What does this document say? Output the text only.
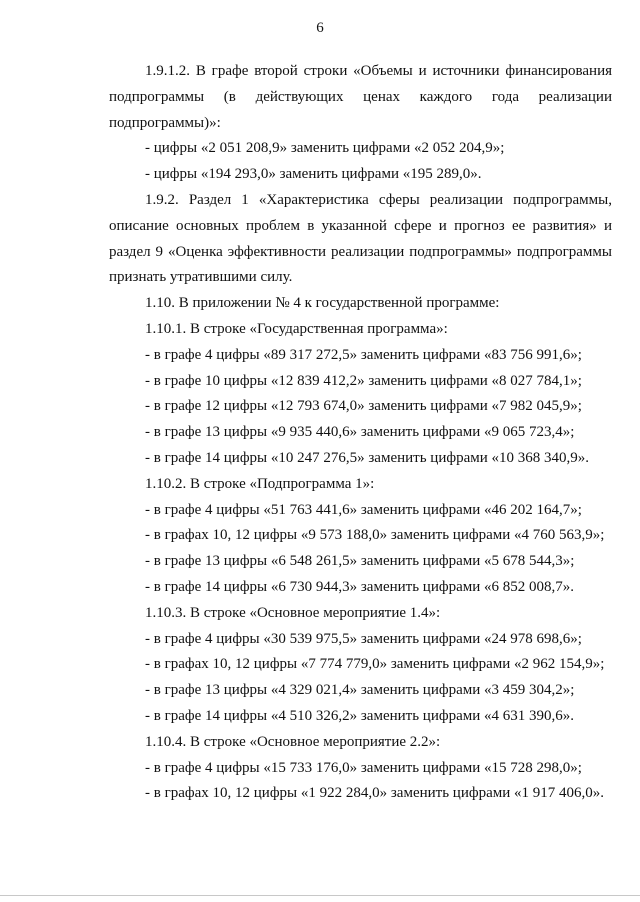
6

1.9.1.2. В графе второй строки «Объемы и источники финансирования подпрограммы (в действующих ценах каждого года реализации подпрограммы)»:

- цифры «2 051 208,9» заменить цифрами «2 052 204,9»;

- цифры «194 293,0» заменить цифрами «195 289,0».

1.9.2. Раздел 1 «Характеристика сферы реализации подпрограммы, описание основных проблем в указанной сфере и прогноз ее развития» и раздел 9 «Оценка эффективности реализации подпрограммы» подпрограммы признать утратившими силу.

1.10. В приложении № 4 к государственной программе:

1.10.1. В строке «Государственная программа»:

- в графе 4 цифры «89 317 272,5» заменить цифрами «83 756 991,6»;

- в графе 10 цифры «12 839 412,2» заменить цифрами «8 027 784,1»;

- в графе 12 цифры «12 793 674,0» заменить цифрами «7 982 045,9»;

- в графе 13 цифры «9 935 440,6» заменить цифрами «9 065 723,4»;

- в графе 14 цифры «10 247 276,5» заменить цифрами «10 368 340,9».

1.10.2. В строке «Подпрограмма 1»:

- в графе 4 цифры «51 763 441,6» заменить цифрами «46 202 164,7»;

- в графах 10, 12 цифры «9 573 188,0» заменить цифрами «4 760 563,9»;

- в графе 13 цифры «6 548 261,5» заменить цифрами «5 678 544,3»;

- в графе 14 цифры «6 730 944,3» заменить цифрами «6 852 008,7».

1.10.3. В строке «Основное мероприятие 1.4»:

- в графе 4 цифры «30 539 975,5» заменить цифрами «24 978 698,6»;

- в графах 10, 12 цифры «7 774 779,0» заменить цифрами «2 962 154,9»;

- в графе 13 цифры «4 329 021,4» заменить цифрами «3 459 304,2»;

- в графе 14 цифры «4 510 326,2» заменить цифрами «4 631 390,6».

1.10.4. В строке «Основное мероприятие 2.2»:

- в графе 4 цифры «15 733 176,0» заменить цифрами «15 728 298,0»;

- в графах 10, 12 цифры «1 922 284,0» заменить цифрами «1 917 406,0».
